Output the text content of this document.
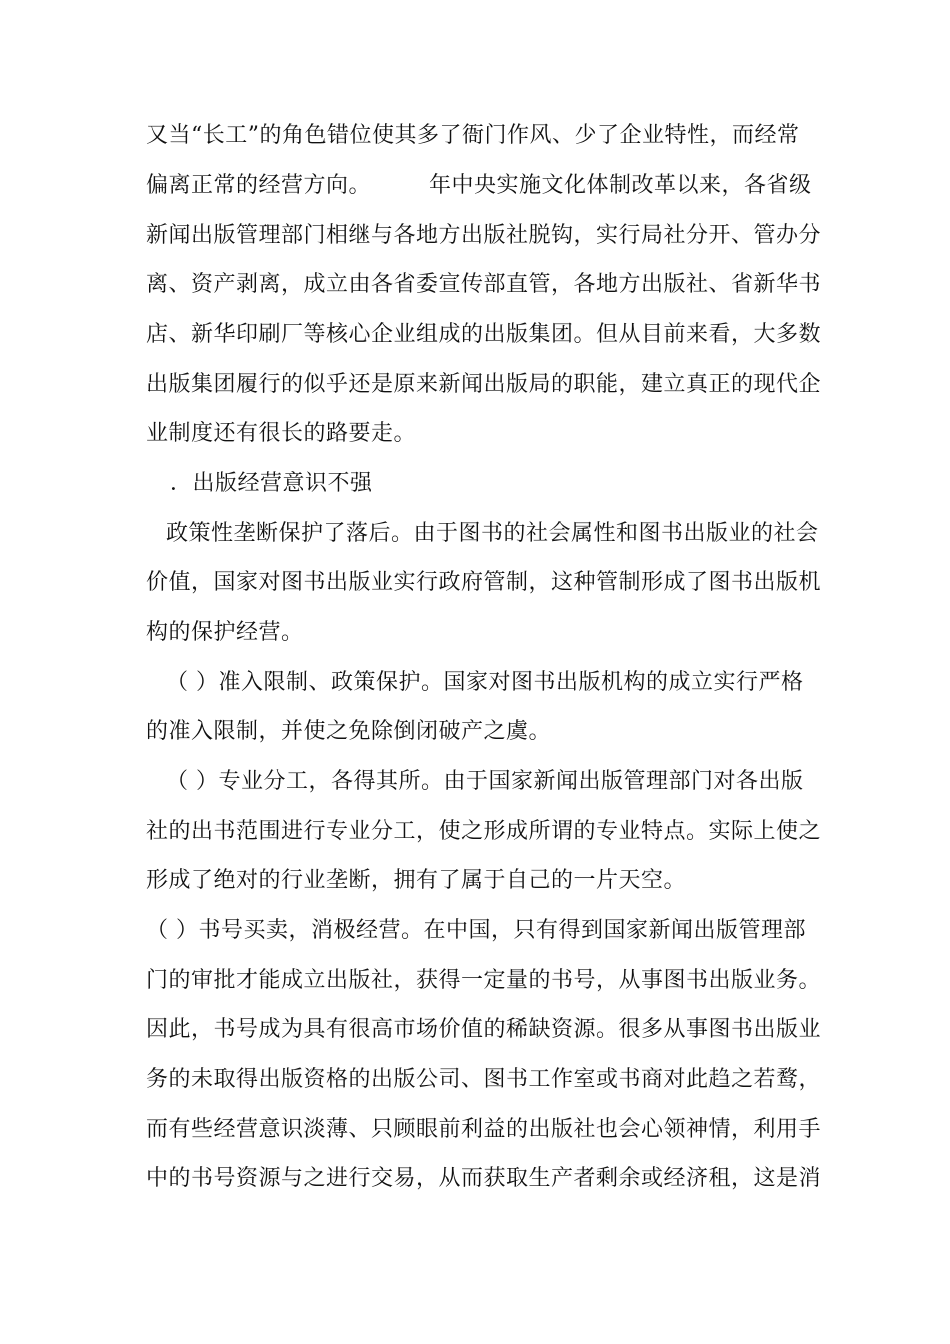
又当“长工”的角色错位使其多了衙门作风、少了企业特性，而经常
偏离正常的经营方向。	年中央实施文化体制改革以来，各省级
新闻出版管理部门相继与各地方出版社脱钩，实行局社分开、管办分
离、资产剥离，成立由各省委宣传部直管，各地方出版社、省新华书
店、新华印刷厂等核心企业组成的出版集团。但从目前来看，大多数
出版集团履行的似乎还是原来新闻出版局的职能，建立真正的现代企
业制度还有很长的路要走。
．出版经营意识不强
政策性垄断保护了落后。由于图书的社会属性和图书出版业的社会
价值，国家对图书出版业实行政府管制，这种管制形成了图书出版机
构的保护经营。
（ ）准入限制、政策保护。国家对图书出版机构的成立实行严格
的准入限制，并使之免除倒闭破产之虞。
（ ）专业分工，各得其所。由于国家新闻出版管理部门对各出版
社的出书范围进行专业分工，使之形成所谓的专业特点。实际上使之
形成了绝对的行业垄断，拥有了属于自己的一片天空。
（ ）书号买卖，消极经营。在中国，只有得到国家新闻出版管理部
门的审批才能成立出版社，获得一定量的书号，从事图书出版业务。
因此，书号成为具有很高市场价值的稀缺资源。很多从事图书出版业
务的未取得出版资格的出版公司、图书工作室或书商对此趋之若鹜，
而有些经营意识淡薄、只顾眼前利益的出版社也会心领神情，利用手
中的书号资源与之进行交易，从而获取生产者剩余或经济租，这是消
